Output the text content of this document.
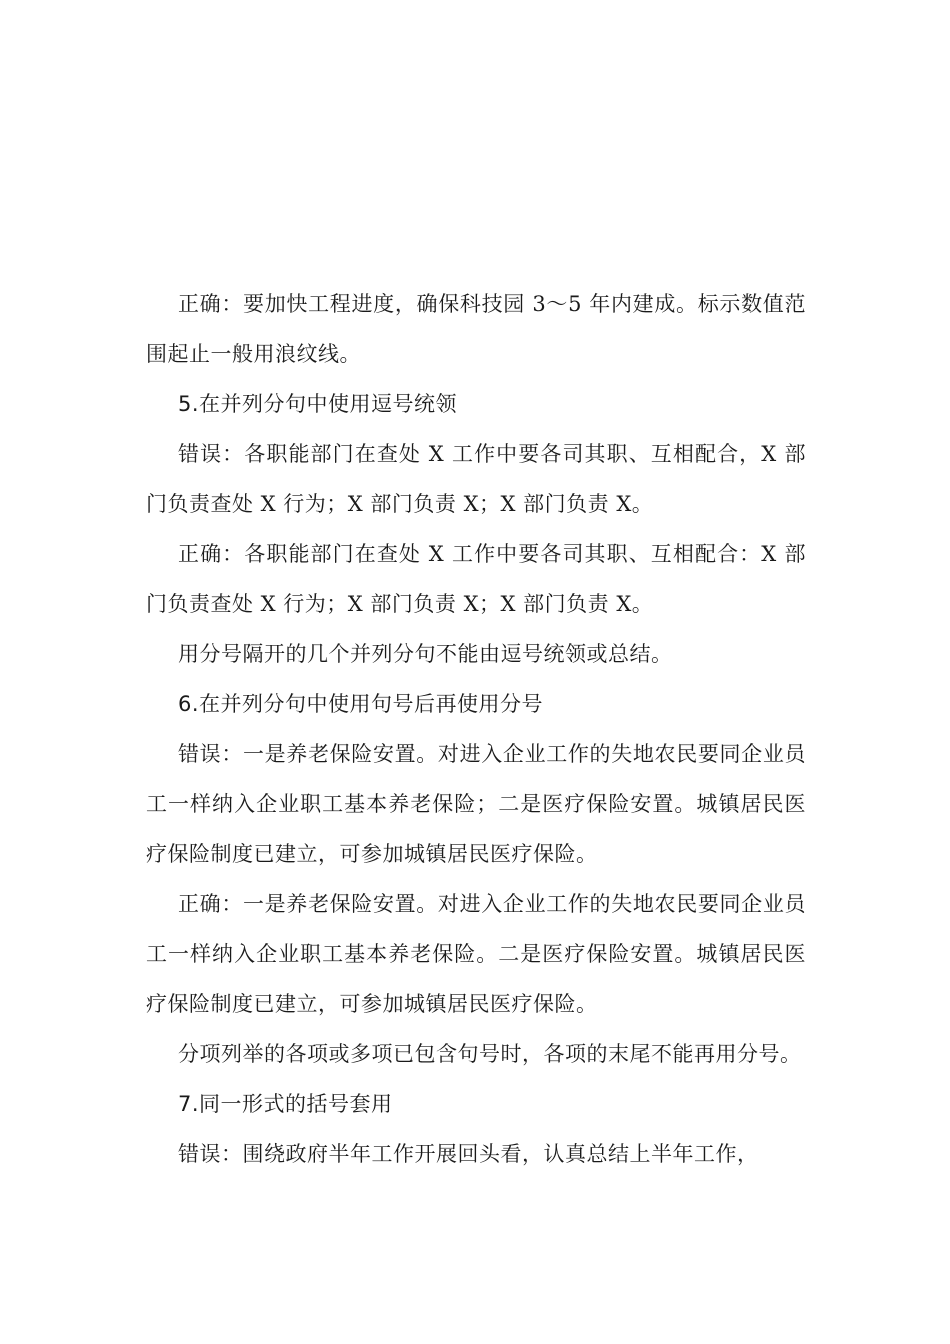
正确：要加快工程进度，确保科技园 3～5 年内建成。标示数值范围起止一般用浪纹线。

5.在并列分句中使用逗号统领

错误：各职能部门在查处 X 工作中要各司其职、互相配合，X 部门负责查处 X 行为；X 部门负责 X；X 部门负责 X。

正确：各职能部门在查处 X 工作中要各司其职、互相配合：X 部门负责查处 X 行为；X 部门负责 X；X 部门负责 X。

用分号隔开的几个并列分句不能由逗号统领或总结。

6.在并列分句中使用句号后再使用分号

错误：一是养老保险安置。对进入企业工作的失地农民要同企业员工一样纳入企业职工基本养老保险；二是医疗保险安置。城镇居民医疗保险制度已建立，可参加城镇居民医疗保险。

正确：一是养老保险安置。对进入企业工作的失地农民要同企业员工一样纳入企业职工基本养老保险。二是医疗保险安置。城镇居民医疗保险制度已建立，可参加城镇居民医疗保险。

分项列举的各项或多项已包含句号时，各项的末尾不能再用分号。

7.同一形式的括号套用

错误：围绕政府半年工作开展回头看，认真总结上半年工作，
